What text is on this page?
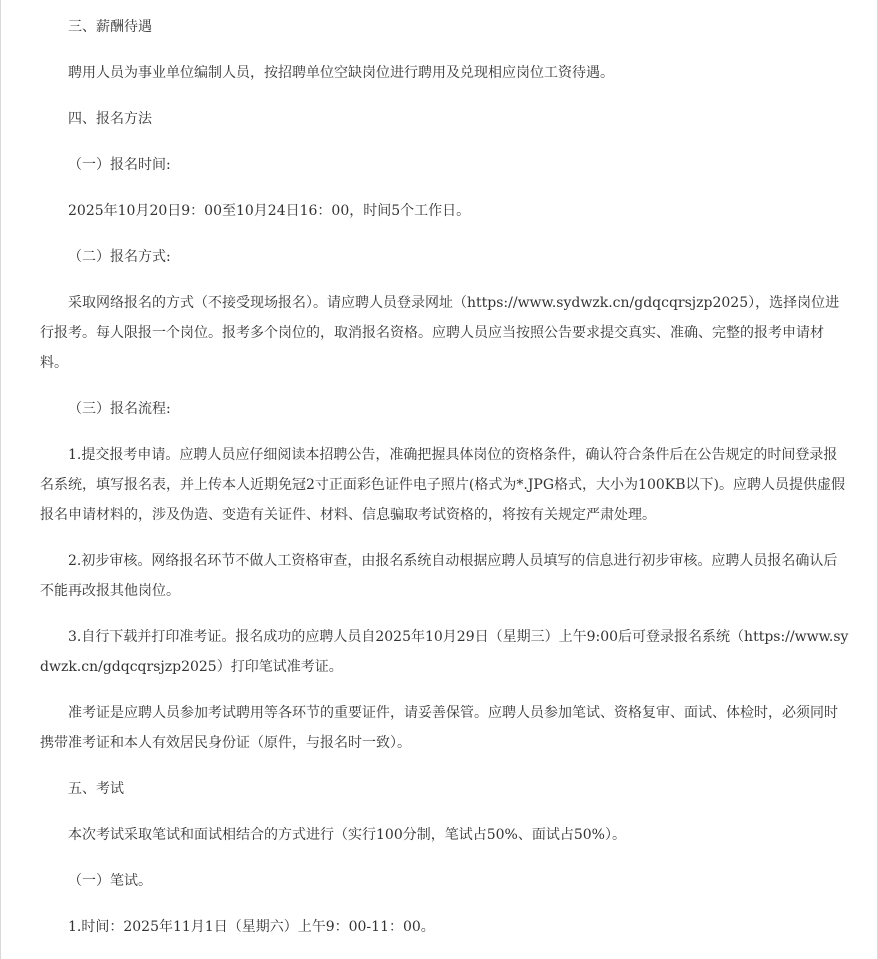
三、薪酬待遇

聘用人员为事业单位编制人员，按招聘单位空缺岗位进行聘用及兑现相应岗位工资待遇。

四、报名方法

（一）报名时间:

2025年10月20日9：00至10月24日16：00，时间5个工作日。

（二）报名方式:

采取网络报名的方式（不接受现场报名）。请应聘人员登录网址（https://www.sydwzk.cn/gdqcqrsjzp2025），选择岗位进行报考。每人限报一个岗位。报考多个岗位的，取消报名资格。应聘人员应当按照公告要求提交真实、准确、完整的报考申请材料。

（三）报名流程:

1.提交报考申请。应聘人员应仔细阅读本招聘公告，准确把握具体岗位的资格条件，确认符合条件后在公告规定的时间登录报名系统，填写报名表，并上传本人近期免冠2寸正面彩色证件电子照片(格式为*.JPG格式，大小为100KB以下)。应聘人员提供虚假报名申请材料的，涉及伪造、变造有关证件、材料、信息骗取考试资格的，将按有关规定严肃处理。

2.初步审核。网络报名环节不做人工资格审查，由报名系统自动根据应聘人员填写的信息进行初步审核。应聘人员报名确认后不能再改报其他岗位。

3.自行下载并打印准考证。报名成功的应聘人员自2025年10月29日（星期三）上午9:00后可登录报名系统（https://www.sydwzk.cn/gdqcqrsjzp2025）打印笔试准考证。

准考证是应聘人员参加考试聘用等各环节的重要证件，请妥善保管。应聘人员参加笔试、资格复审、面试、体检时，必须同时携带准考证和本人有效居民身份证（原件，与报名时一致）。

五、考试

本次考试采取笔试和面试相结合的方式进行（实行100分制，笔试占50%、面试占50%）。

（一）笔试。

1.时间：2025年11月1日（星期六）上午9：00-11：00。
